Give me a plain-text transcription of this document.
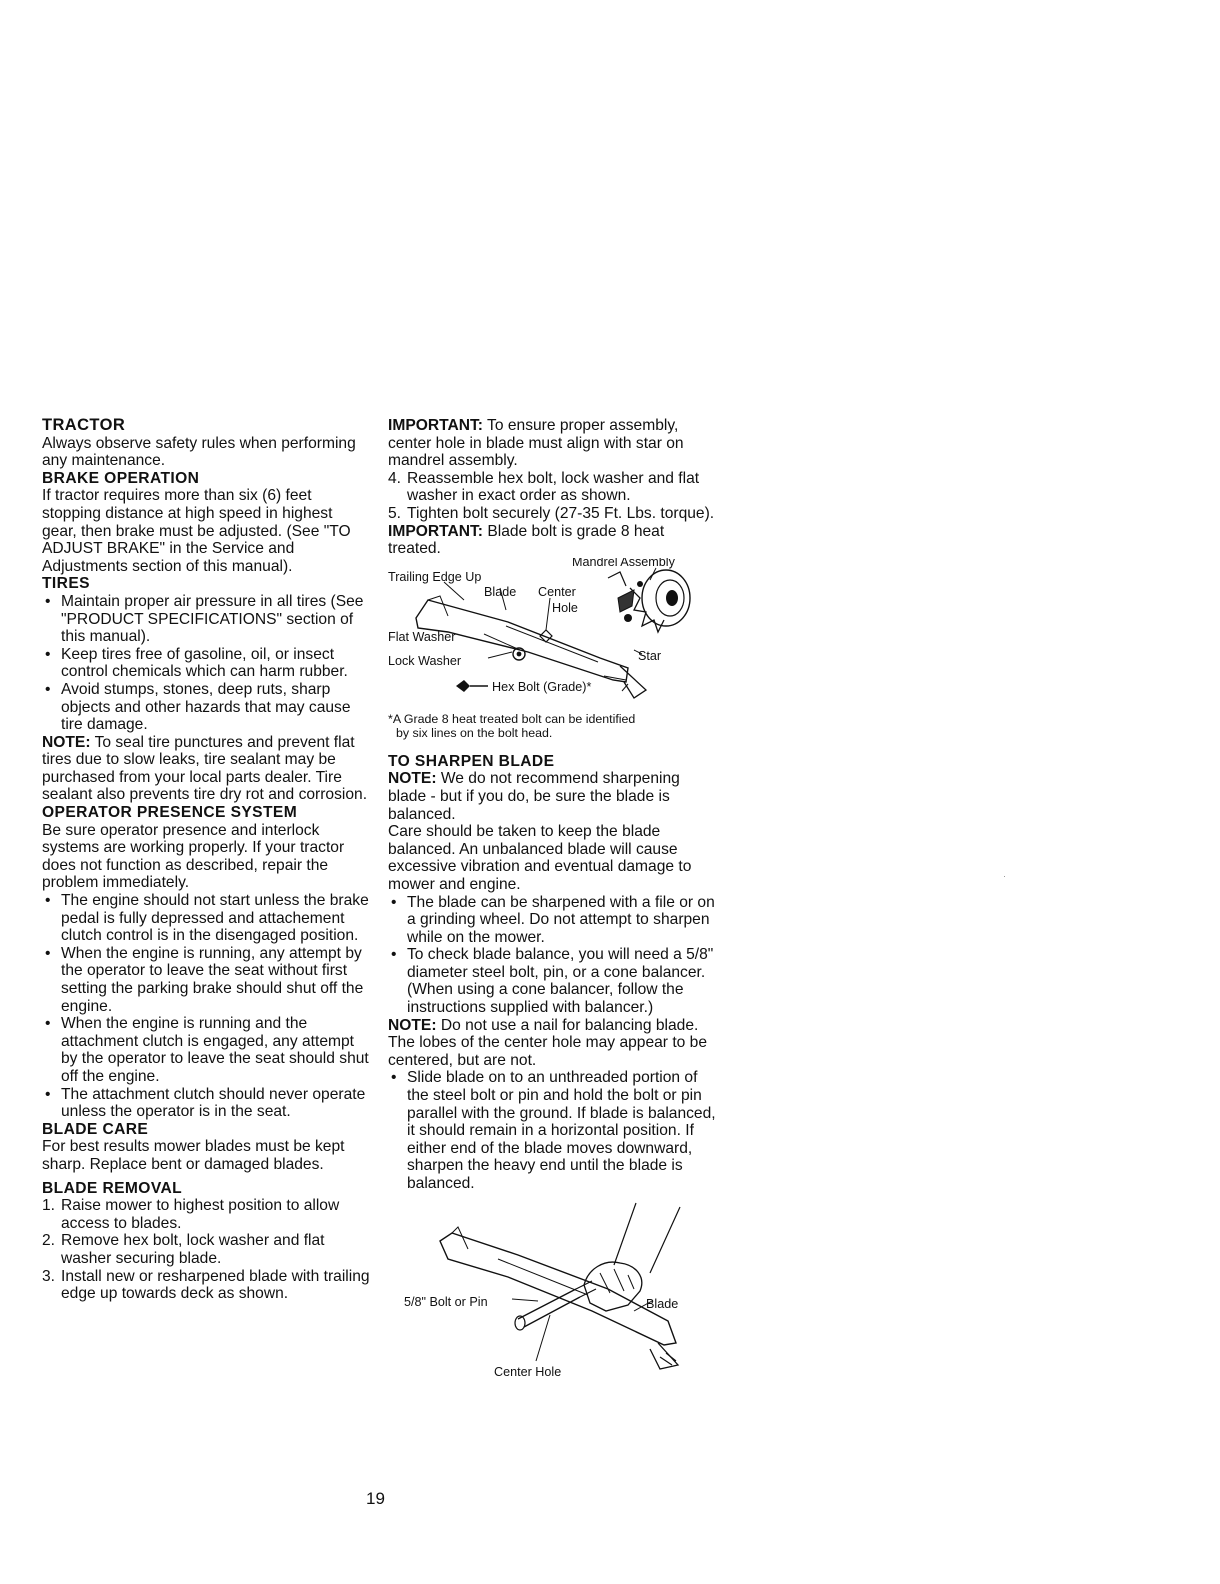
TRACTOR

Always observe safety rules when performing any maintenance.

BRAKE OPERATION

If tractor requires more than six (6) feet stopping distance at high speed in highest gear, then brake must be adjusted. (See "TO ADJUST BRAKE" in the Service and Adjustments section of this manual).

TIRES

• Maintain proper air pressure in all tires (See "PRODUCT SPECIFICATIONS" section of this manual).
• Keep tires free of gasoline, oil, or insect control chemicals which can harm rubber.
• Avoid stumps, stones, deep ruts, sharp objects and other hazards that may cause tire damage.

NOTE: To seal tire punctures and prevent flat tires due to slow leaks, tire sealant may be purchased from your local parts dealer. Tire sealant also prevents tire dry rot and corrosion.

OPERATOR PRESENCE SYSTEM

Be sure operator presence and interlock systems are working properly. If your tractor does not function as described, repair the problem immediately.

• The engine should not start unless the brake pedal is fully depressed and attachement clutch control is in the disengaged position.
• When the engine is running, any attempt by the operator to leave the seat without first setting the parking brake should shut off the engine.
• When the engine is running and the attachment clutch is engaged, any attempt by the operator to leave the seat should shut off the engine.
• The attachment clutch should never operate unless the operator is in the seat.

BLADE CARE

For best results mower blades must be kept sharp. Replace bent or damaged blades.

BLADE REMOVAL

1. Raise mower to highest position to allow access to blades.
2. Remove hex bolt, lock washer and flat washer securing blade.
3. Install new or resharpened blade with trailing edge up towards deck as shown.

IMPORTANT: To ensure proper assembly, center hole in blade must align with star on mandrel assembly.

4. Reassemble hex bolt, lock washer and flat washer in exact order as shown.
5. Tighten bolt securely (27-35 Ft. Lbs. torque).

IMPORTANT: Blade bolt is grade 8 heat treated.

Trailing Edge Up
Mandrel Assembly
Blade Center
Hole
Flat Washer
Lock Washer	Star
Hex Bolt (Grade)*
*A Grade 8 heat treated bolt can be identified
by six lines on the bolt head.

TO SHARPEN BLADE

NOTE: We do not recommend sharpening blade - but if you do, be sure the blade is balanced.

Care should be taken to keep the blade balanced. An unbalanced blade will cause excessive vibration and eventual damage to mower and engine.

• The blade can be sharpened with a file or on a grinding wheel. Do not attempt to sharpen while on the mower.
• To check blade balance, you will need a 5/8" diameter steel bolt, pin, or a cone balancer. (When using a cone balancer, follow the instructions supplied with balancer.)

NOTE: Do not use a nail for balancing blade. The lobes of the center hole may appear to be centered, but are not.

• Slide blade on to an unthreaded portion of the steel bolt or pin and hold the bolt or pin parallel with the ground. If blade is balanced, it should remain in a horizontal position. If either end of the blade moves downward, sharpen the heavy end until the blade is balanced.
5/8" Bolt or Pin	Blade
Center Hole
19
